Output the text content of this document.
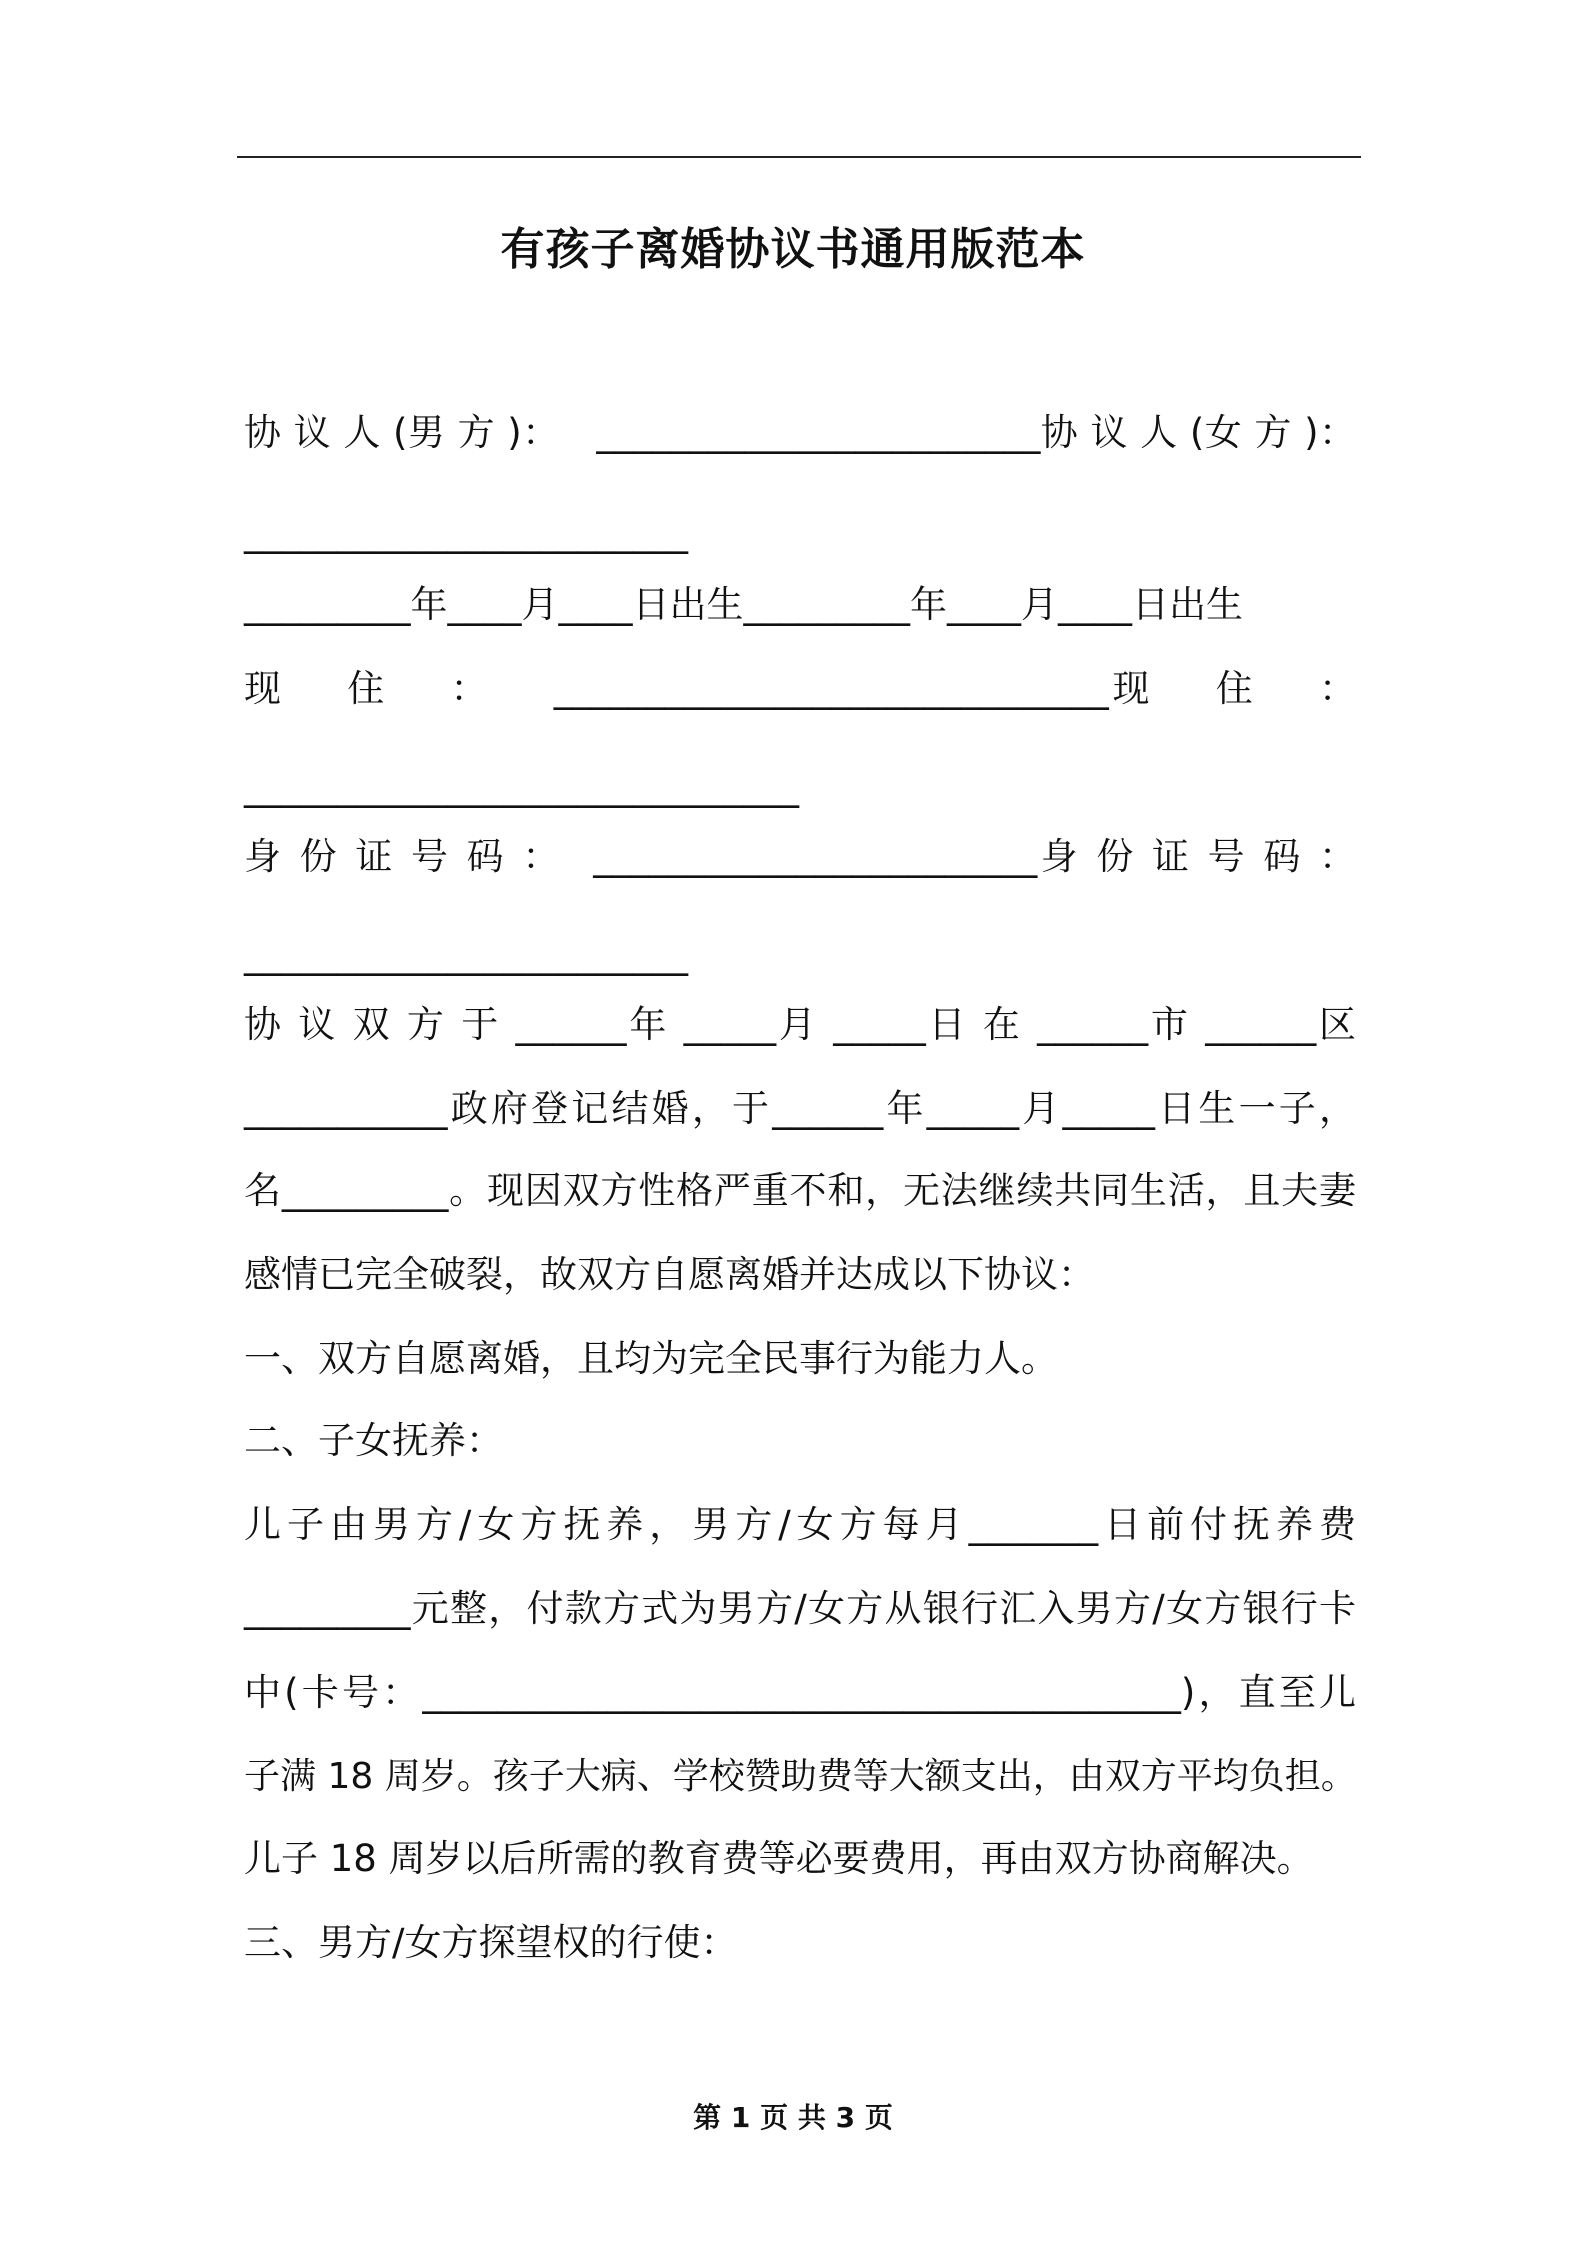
有孩子离婚协议书通用版范本

协 议 人 (男 方 )：   ________________________协 议 人 (女 方 )：

________________________

_________年____月____日出生_________年____月____日出生

现    住    ：    ______________________________现    住    ：

______________________________

身 份 证 号 码 ：  ________________________身 份 证 号 码 ：

________________________

协 议 双 方 于 ______年 _____月 _____日 在 ______市 ______区

___________政府登记结婚，于______年_____月_____日生一子，

名_________。现因双方性格严重不和，无法继续共同生活，且夫妻

感情已完全破裂，故双方自愿离婚并达成以下协议：

一、双方自愿离婚，且均为完全民事行为能力人。

二、子女抚养：

儿子由男方/女方抚养，男方/女方每月_______日前付抚养费

_________元整，付款方式为男方/女方从银行汇入男方/女方银行卡

中(卡号：_________________________________________)，直至儿

子满 18 周岁。孩子大病、学校赞助费等大额支出，由双方平均负担。

儿子 18 周岁以后所需的教育费等必要费用，再由双方协商解决。

三、男方/女方探望权的行使：

第 1 页 共 3 页
